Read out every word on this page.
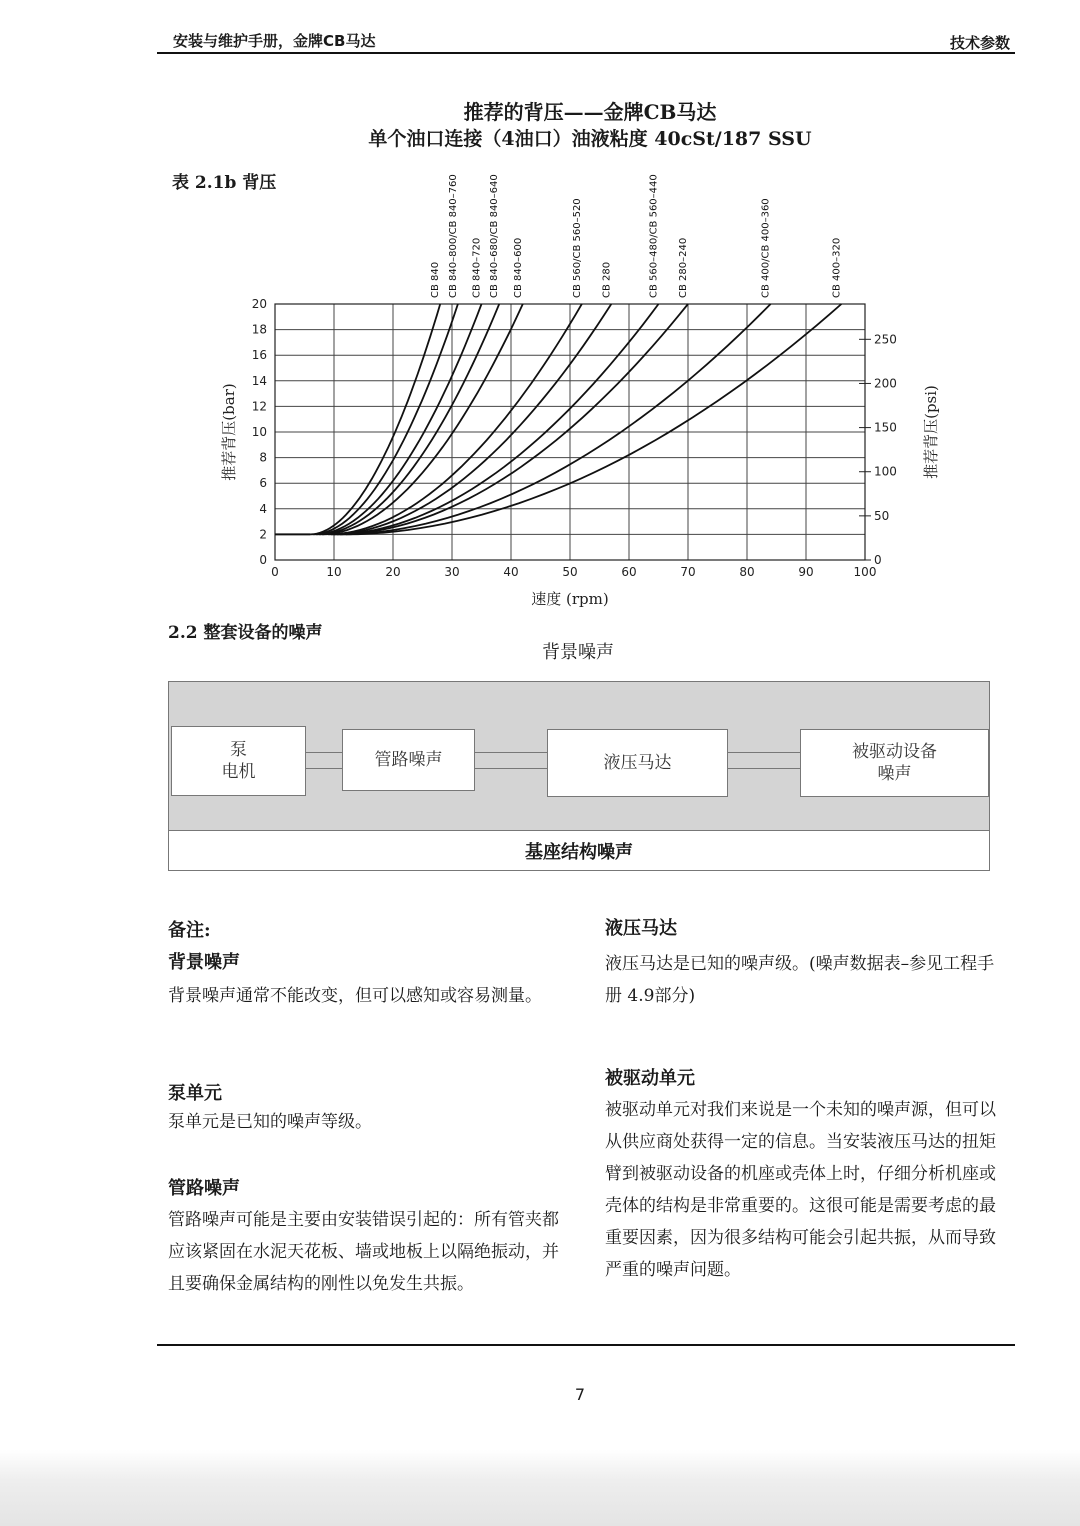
安装与维护手册，金牌CB马达	技术参数
推荐的背压——金牌CB马达
单个油口连接（4油口）油液粘度 40cSt/187 SSU
表 2.1b 背压
0	10	20	30	40	50	60	70	80	90	100
0
2
4
6
8
10
12
14
16
18
20
0
50
100
150
200
250
速度 (rpm)
推荐背压(bar)	推荐背压(psi)
CB 840 CB 840–800/CB 840–760 CB 840–720 CB 840–680/CB 840–640 CB 840–600	CB 560/CB 560–520 CB 280	CB 560–480/CB 560–440 CB 280–240	CB 400/CB 400–360	CB 400–320
2.2 整套设备的噪声
背景噪声
泵
电机
管路噪声	液压马达
被驱动设备
噪声
基座结构噪声
备注:
背景噪声
背景噪声通常不能改变，但可以感知或容易测量。
泵单元
泵单元是已知的噪声等级。
管路噪声
管路噪声可能是主要由安装错误引起的：所有管夹都应该紧固在水泥天花板、墙或地板上以隔绝振动，并且要确保金属结构的刚性以免发生共振。
液压马达
液压马达是已知的噪声级。(噪声数据表–参见工程手册 4.9部分)
被驱动单元
被驱动单元对我们来说是一个未知的噪声源，但可以从供应商处获得一定的信息。当安装液压马达的扭矩臂到被驱动设备的机座或壳体上时，仔细分析机座或壳体的结构是非常重要的。这很可能是需要考虑的最重要因素，因为很多结构可能会引起共振，从而导致严重的噪声问题。
7
